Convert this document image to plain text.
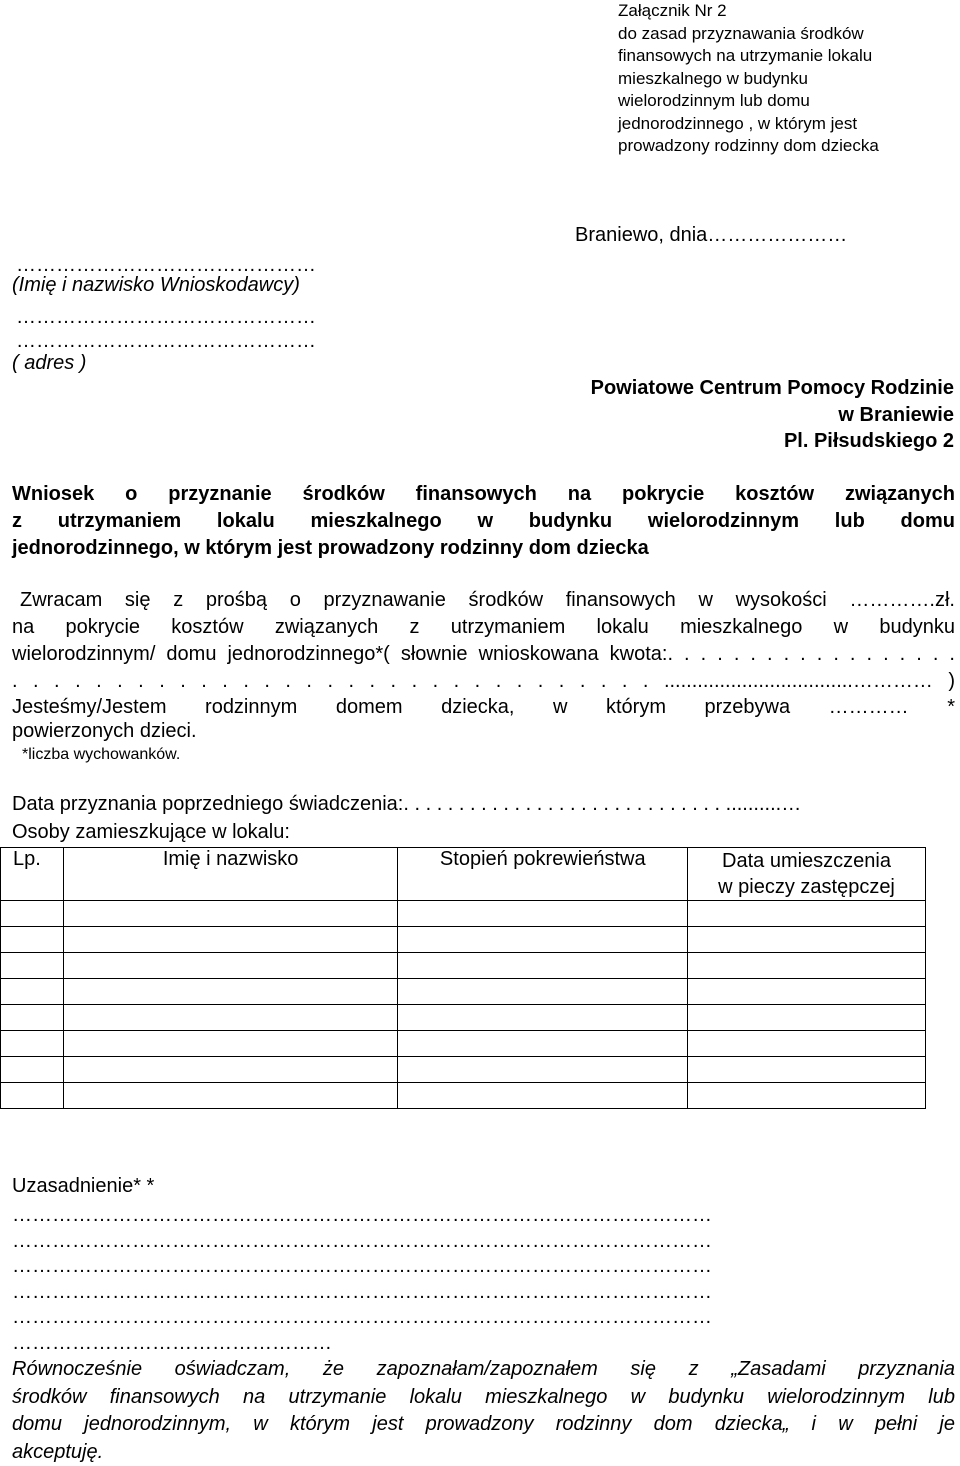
Załącznik Nr 2
do zasad przyznawania środków
finansowych na utrzymanie lokalu
mieszkalnego w budynku
wielorodzinnym lub domu
jednorodzinnego , w którym jest
prowadzony rodzinny dom dziecka
Braniewo, dnia…………………
………………………………………
(Imię i nazwisko Wnioskodawcy)
………………………………………
………………………………………
( adres )
Powiatowe Centrum Pomocy Rodzinie
w Braniewie
Pl. Piłsudskiego 2
Wniosek o przyznanie środków finansowych na pokrycie kosztów związanych
z utrzymaniem lokalu mieszkalnego w budynku wielorodzinnym lub domu
jednorodzinnego, w którym jest prowadzony rodzinny dom dziecka
Zwracam się z prośbą o przyznawanie środków finansowych w wysokości ………….zł.
na pokrycie kosztów związanych z utrzymaniem lokalu mieszkalnego w budynku
wielorodzinnym/ domu jednorodzinnego*( słownie wnioskowana kwota:. . . . . . . . . . . . . . . . . .
. . . . . . . . . . . . . . . . . . . . . . . . . . . . . . . ..................................………… )
Jesteśmy/Jestem rodzinnym domem dziecka, w którym przebywa ………… *
powierzonych dzieci.
*liczba wychowanków.
Data przyznania poprzedniego świadczenia:. . . . . . . . . . . . . . . . . . . . . . . . . . . . . ..........…
Osoby zamieszkujące w lokalu:
Lp.	Imię i nazwisko	Stopień pokrewieństwa	Data umieszczenia
w pieczy zastępczej

Uzasadnienie* *
……………………………………………………………………………………………
……………………………………………………………………………………………
……………………………………………………………………………………………
……………………………………………………………………………………………
……………………………………………………………………………………………
…………………………………………
Równocześnie oświadczam, że zapoznałam/zapoznałem się z „Zasadami przyznania
środków finansowych na utrzymanie lokalu mieszkalnego w budynku wielorodzinnym lub
domu jednorodzinnym, w którym jest prowadzony rodzinny dom dziecka„ i w pełni je
akceptuję.
